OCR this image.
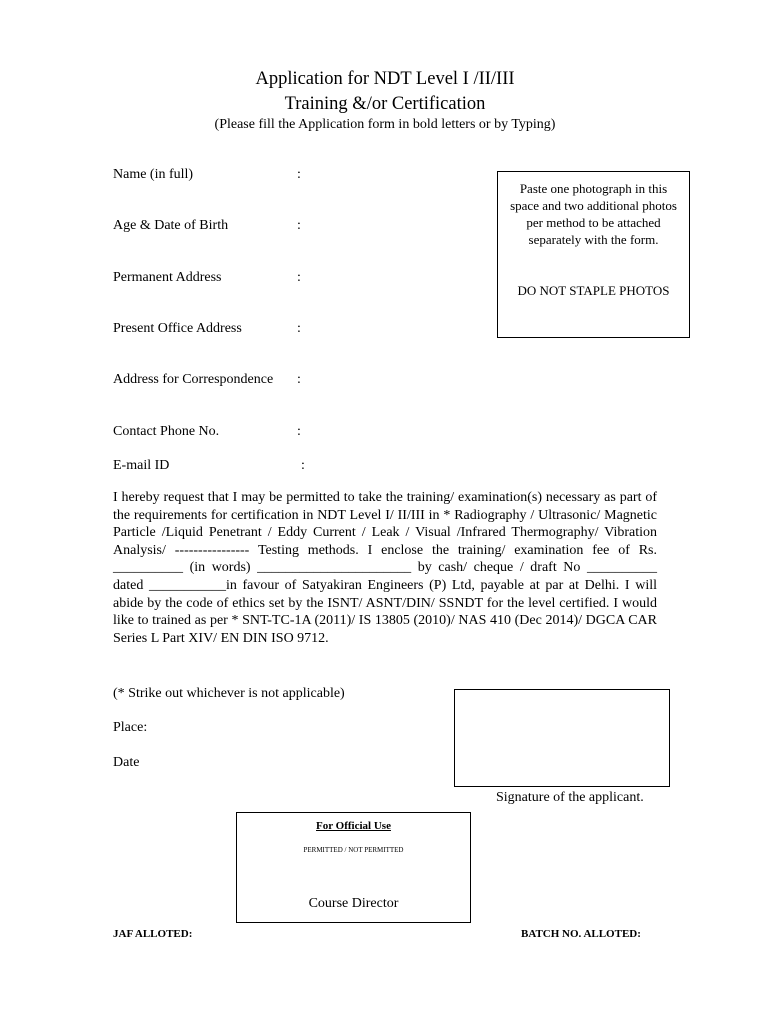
Application for NDT Level I /II/III
Training &/or Certification
(Please fill the Application form in bold letters or by Typing)
Name (in full)	:
Age & Date of Birth	:
Permanent Address	:
Present Office Address	:
Address for Correspondence :
Contact Phone No.	:
E-mail ID	:
Paste one photograph in this space and two additional photos per method to be attached separately with the form.
DO NOT STAPLE PHOTOS
I hereby request that I may be permitted to take the training/ examination(s) necessary as part of the requirements for certification in NDT Level I/ II/III in * Radiography / Ultrasonic/ Magnetic Particle /Liquid Penetrant / Eddy Current / Leak / Visual /Infrared Thermography/ Vibration Analysis/ ---------------- Testing methods. I enclose the training/ examination fee of Rs. __________ (in words) ______________________ by cash/ cheque / draft No __________ dated ___________in favour of Satyakiran Engineers (P) Ltd, payable at par at Delhi. I will abide by the code of ethics set by the ISNT/ ASNT/DIN/ SSNDT for the level certified. I would like to trained as per * SNT-TC-1A (2011)/ IS 13805 (2010)/ NAS 410 (Dec 2014)/ DGCA CAR Series L Part XIV/ EN DIN ISO 9712.
(* Strike out whichever is not applicable)
Place:
Date
Signature of the applicant.
For Official Use
PERMITTED / NOT PERMITTED
Course Director
JAF ALLOTED:	BATCH NO. ALLOTED:
